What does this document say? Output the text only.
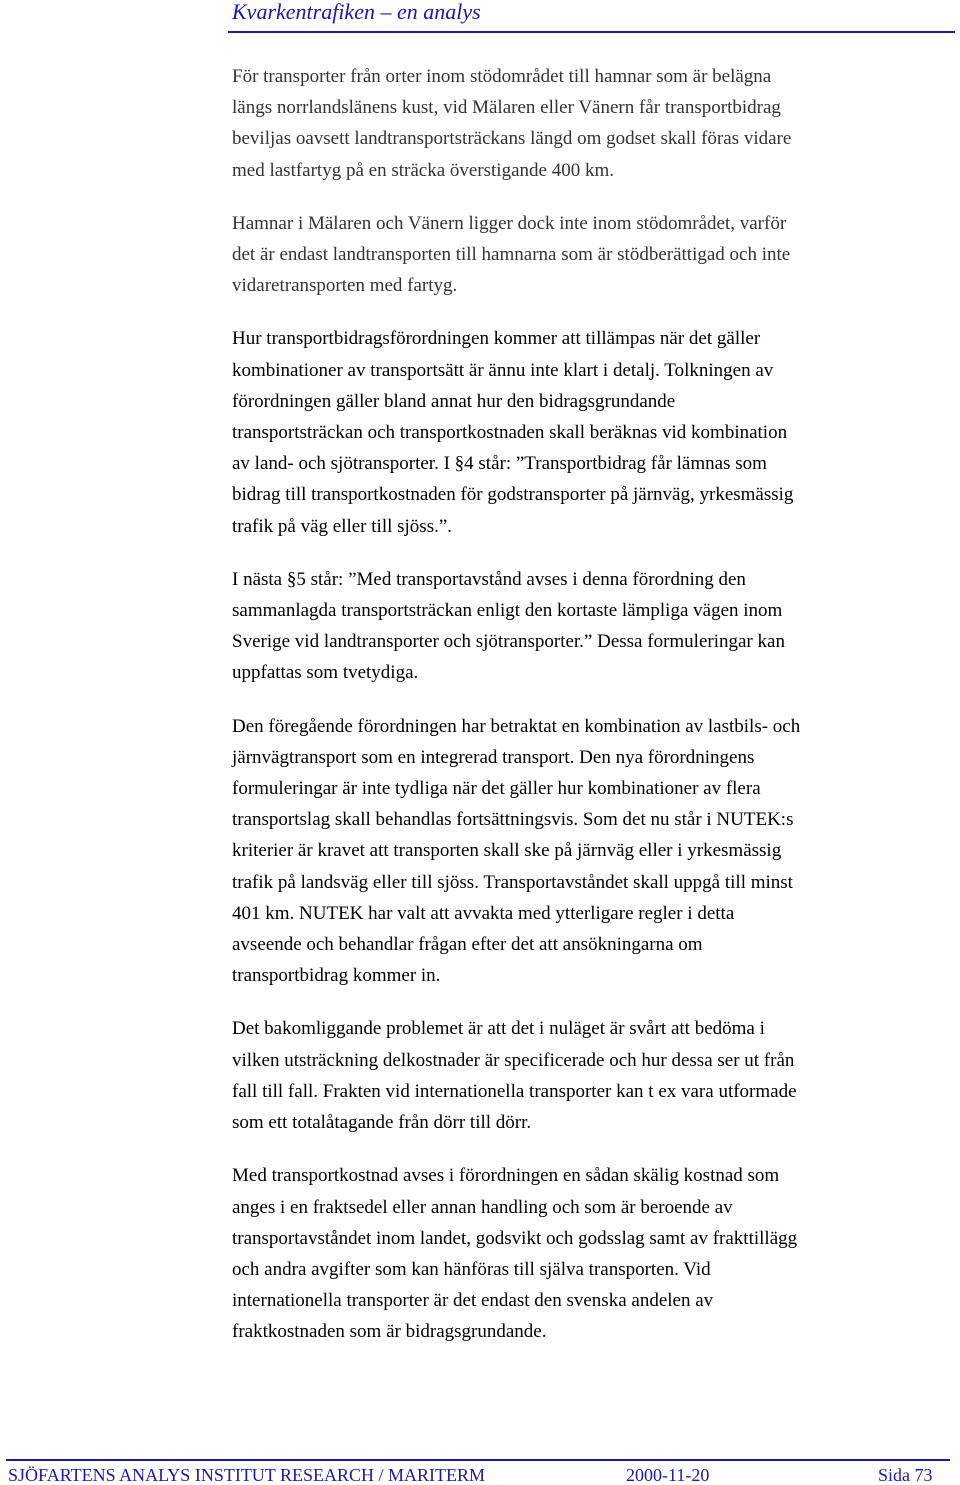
Kvarkentrafiken – en analys
För transporter från orter inom stödområdet till hamnar som är belägna
längs norrlandslänens kust, vid Mälaren eller Vänern får transportbidrag
beviljas oavsett landtransportsträckans längd om godset skall föras vidare
med lastfartyg på en sträcka överstigande 400 km.
Hamnar i Mälaren och Vänern ligger dock inte inom stödområdet, varför
det är endast landtransporten till hamnarna som är stödberättigad och inte
vidaretransporten med fartyg.
Hur transportbidragsförordningen kommer att tillämpas när det gäller
kombinationer av transportsätt är ännu inte klart i detalj. Tolkningen av
förordningen gäller bland annat hur den bidragsgrundande
transportsträckan och transportkostnaden skall beräknas vid kombination
av land- och sjötransporter. I §4 står: ”Transportbidrag får lämnas som
bidrag till transportkostnaden för godstransporter på järnväg, yrkesmässig
trafik på väg eller till sjöss.”.
I nästa §5 står: ”Med transportavstånd avses i denna förordning den
sammanlagda transportsträckan enligt den kortaste lämpliga vägen inom
Sverige vid landtransporter och sjötransporter.” Dessa formuleringar kan
uppfattas som tvetydiga.
Den föregående förordningen har betraktat en kombination av lastbils- och
järnvägtransport som en integrerad transport. Den nya förordningens
formuleringar är inte tydliga när det gäller hur kombinationer av flera
transportslag skall behandlas fortsättningsvis. Som det nu står i NUTEK:s
kriterier är kravet att transporten skall ske på järnväg eller i yrkesmässig
trafik på landsväg eller till sjöss. Transportavståndet skall uppgå till minst
401 km. NUTEK har valt att avvakta med ytterligare regler i detta
avseende och behandlar frågan efter det att ansökningarna om
transportbidrag kommer in.
Det bakomliggande problemet är att det i nuläget är svårt att bedöma i
vilken utsträckning delkostnader är specificerade och hur dessa ser ut från
fall till fall. Frakten vid internationella transporter kan t ex vara utformade
som ett totalåtagande från dörr till dörr.
Med transportkostnad avses i förordningen en sådan skälig kostnad som
anges i en fraktsedel eller annan handling och som är beroende av
transportavståndet inom landet, godsvikt och godsslag samt av frakttillägg
och andra avgifter som kan hänföras till själva transporten. Vid
internationella transporter är det endast den svenska andelen av
fraktkostnaden som är bidragsgrundande.
SJÖFARTENS ANALYS INSTITUT RESEARCH / MARITERM	2000-11-20	Sida 73
